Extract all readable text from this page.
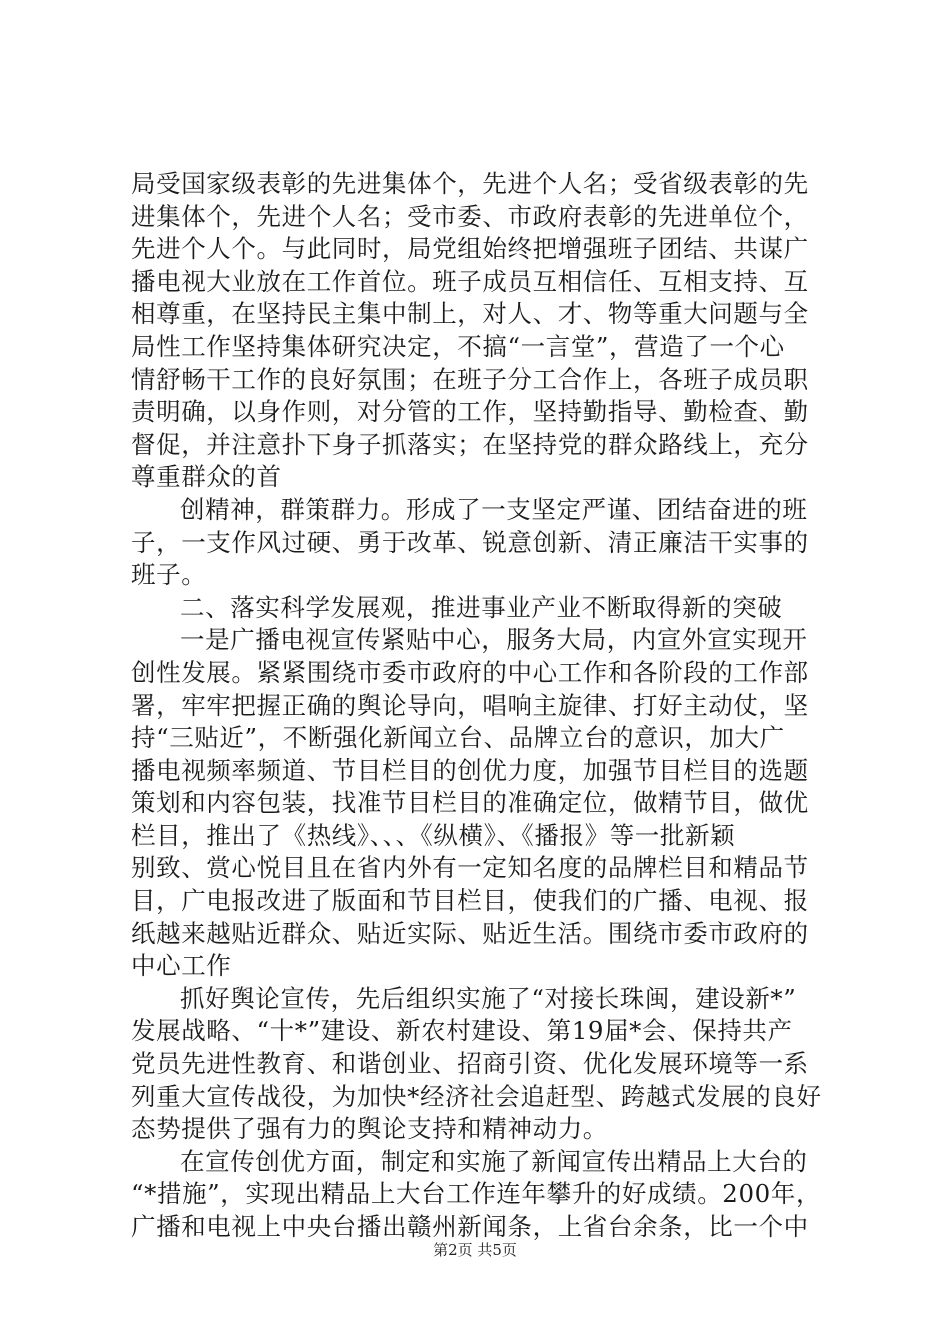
局受国家级表彰的先进集体个，先进个人名；受省级表彰的先
进集体个，先进个人名；受市委、市政府表彰的先进单位个，
先进个人个。与此同时，局党组始终把增强班子团结、共谋广
播电视大业放在工作首位。班子成员互相信任、互相支持、互
相尊重，在坚持民主集中制上，对人、才、物等重大问题与全
局性工作坚持集体研究决定，不搞“一言堂”，营造了一个心
情舒畅干工作的良好氛围；在班子分工合作上，各班子成员职
责明确，以身作则，对分管的工作，坚持勤指导、勤检查、勤
督促，并注意扑下身子抓落实；在坚持党的群众路线上，充分
尊重群众的首

创精神，群策群力。形成了一支坚定严谨、团结奋进的班
子，一支作风过硬、勇于改革、锐意创新、清正廉洁干实事的
班子。

二、落实科学发展观，推进事业产业不断取得新的突破

一是广播电视宣传紧贴中心，服务大局，内宣外宣实现开
创性发展。紧紧围绕市委市政府的中心工作和各阶段的工作部
署，牢牢把握正确的舆论导向，唱响主旋律、打好主动仗，坚
持“三贴近”，不断强化新闻立台、品牌立台的意识，加大广
播电视频率频道、节目栏目的创优力度，加强节目栏目的选题
策划和内容包装，找准节目栏目的准确定位，做精节目，做优
栏目，推出了《热线》、、、《纵横》、《播报》等一批新颖
别致、赏心悦目且在省内外有一定知名度的品牌栏目和精品节
目，广电报改进了版面和节目栏目，使我们的广播、电视、报
纸越来越贴近群众、贴近实际、贴近生活。围绕市委市政府的
中心工作

抓好舆论宣传，先后组织实施了“对接长珠闽，建设新*”
发展战略、“十*”建设、新农村建设、第19届*会、保持共产
党员先进性教育、和谐创业、招商引资、优化发展环境等一系
列重大宣传战役，为加快*经济社会追赶型、跨越式发展的良好
态势提供了强有力的舆论支持和精神动力。

在宣传创优方面，制定和实施了新闻宣传出精品上大台的
“*措施”，实现出精品上大台工作连年攀升的好成绩。200年，
广播和电视上中央台播出赣州新闻条，上省台余条，比一个中

第2页 共5页
